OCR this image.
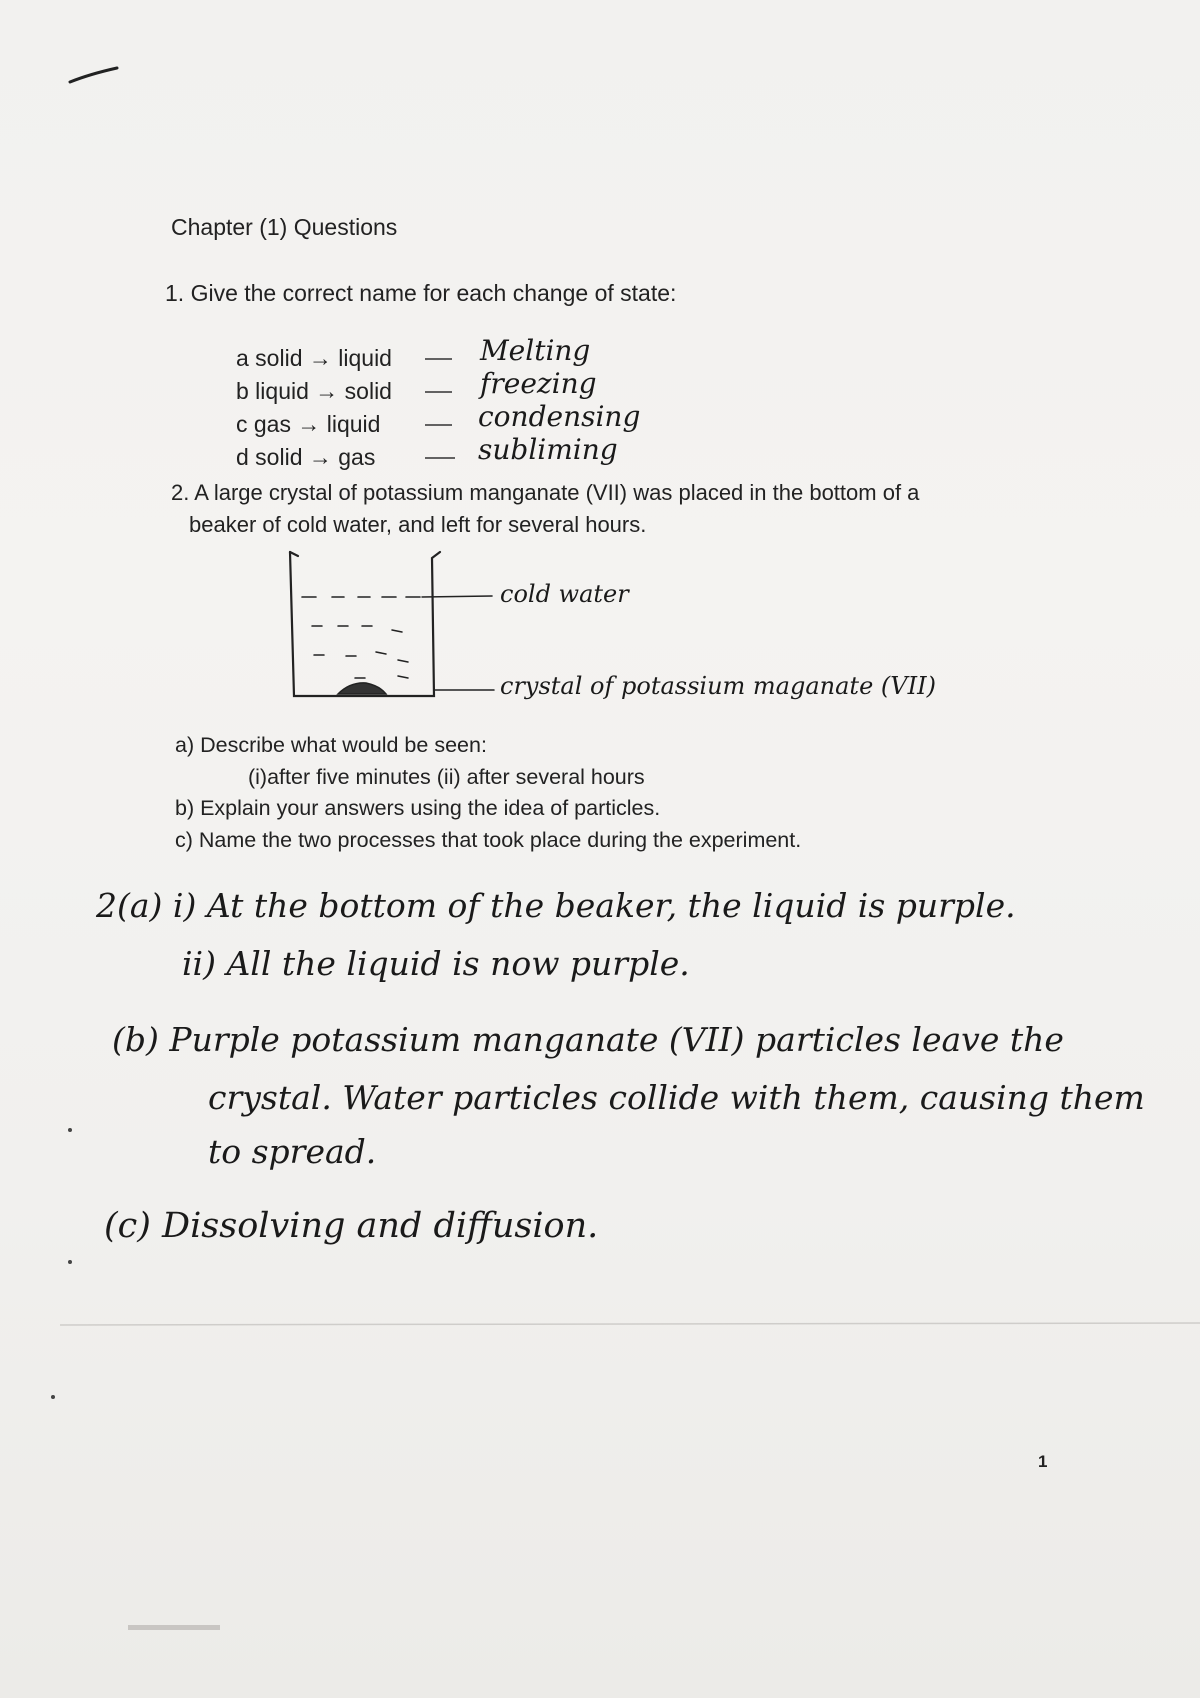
Chapter (1) Questions
1. Give the correct name for each change of state:
a solid → liquid	Melting
b liquid → solid	freezing
c gas → liquid	condensing
d solid → gas	subliming
2. A large crystal of potassium manganate (VII) was placed in the bottom of a
beaker of cold water, and left for several hours.
cold water
crystal of potassium maganate (VII)
a) Describe what would be seen:
(i)after five minutes (ii) after several hours
b) Explain your answers using the idea of particles.
c) Name the two processes that took place during the experiment.
2(a) i) At the bottom of the beaker, the liquid is purple.
ii) All the liquid is now purple.
(b) Purple potassium manganate (VII) particles leave the
crystal. Water particles collide with them, causing them
to spread.
(c) Dissolving and diffusion.
1
